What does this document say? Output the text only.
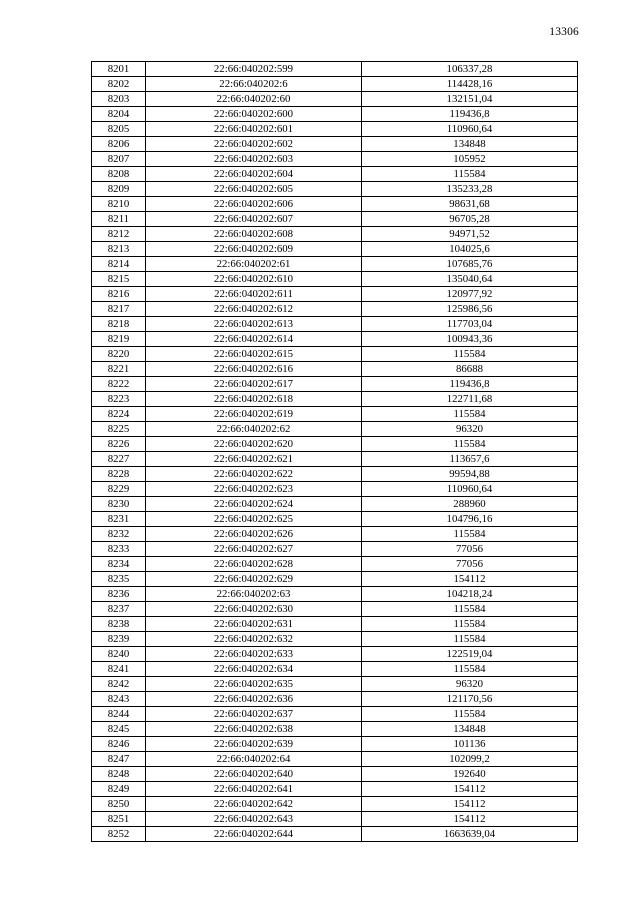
13306
8201	22:66:040202:599	106337,28
8202	22:66:040202:6	114428,16
8203	22:66:040202:60	132151,04
8204	22:66:040202:600	119436,8
8205	22:66:040202:601	110960,64
8206	22:66:040202:602	134848
8207	22:66:040202:603	105952
8208	22:66:040202:604	115584
8209	22:66:040202:605	135233,28
8210	22:66:040202:606	98631,68
8211	22:66:040202:607	96705,28
8212	22:66:040202:608	94971,52
8213	22:66:040202:609	104025,6
8214	22:66:040202:61	107685,76
8215	22:66:040202:610	135040,64
8216	22:66:040202:611	120977,92
8217	22:66:040202:612	125986,56
8218	22:66:040202:613	117703,04
8219	22:66:040202:614	100943,36
8220	22:66:040202:615	115584
8221	22:66:040202:616	86688
8222	22:66:040202:617	119436,8
8223	22:66:040202:618	122711,68
8224	22:66:040202:619	115584
8225	22:66:040202:62	96320
8226	22:66:040202:620	115584
8227	22:66:040202:621	113657,6
8228	22:66:040202:622	99594,88
8229	22:66:040202:623	110960,64
8230	22:66:040202:624	288960
8231	22:66:040202:625	104796,16
8232	22:66:040202:626	115584
8233	22:66:040202:627	77056
8234	22:66:040202:628	77056
8235	22:66:040202:629	154112
8236	22:66:040202:63	104218,24
8237	22:66:040202:630	115584
8238	22:66:040202:631	115584
8239	22:66:040202:632	115584
8240	22:66:040202:633	122519,04
8241	22:66:040202:634	115584
8242	22:66:040202:635	96320
8243	22:66:040202:636	121170,56
8244	22:66:040202:637	115584
8245	22:66:040202:638	134848
8246	22:66:040202:639	101136
8247	22:66:040202:64	102099,2
8248	22:66:040202:640	192640
8249	22:66:040202:641	154112
8250	22:66:040202:642	154112
8251	22:66:040202:643	154112
8252	22:66:040202:644	1663639,04
